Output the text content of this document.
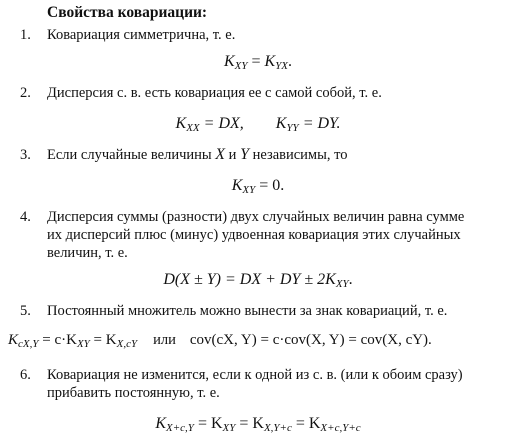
Свойства ковариации:
1. Ковариация симметрична, т. е.
$K_{XY} = K_{YX}$.
2. Дисперсия с. в. есть ковариация ее с самой собой, т. е.
$K_{XX}$ = DX, $K_{YY}$ = DY.
3. Если случайные величины X и Y независимы, то
$K_{XY} = 0$.
4. Дисперсия суммы (разности) двух случайных величин равна сумме
их дисперсий плюс (минус) удвоенная ковариация этих случайных
величин, т. е.
D(X ± Y) = DX + DY ± $2K_{XY}$.
5. Постоянный множитель можно вынести за знак ковариаций, т. е.
$K_{cX,Y} = c\cdot K_{XY} = K_{X,cY}$ или cov(cX, Y) = c·cov(X, Y) = cov(X, cY).
6. Ковариация не изменится, если к одной из с. в. (или к обоим сразу)
прибавить постоянную, т. е.
$K_{X+c,Y} = K_{XY} = K_{X,Y+c} = K_{X+c,Y+c}$
